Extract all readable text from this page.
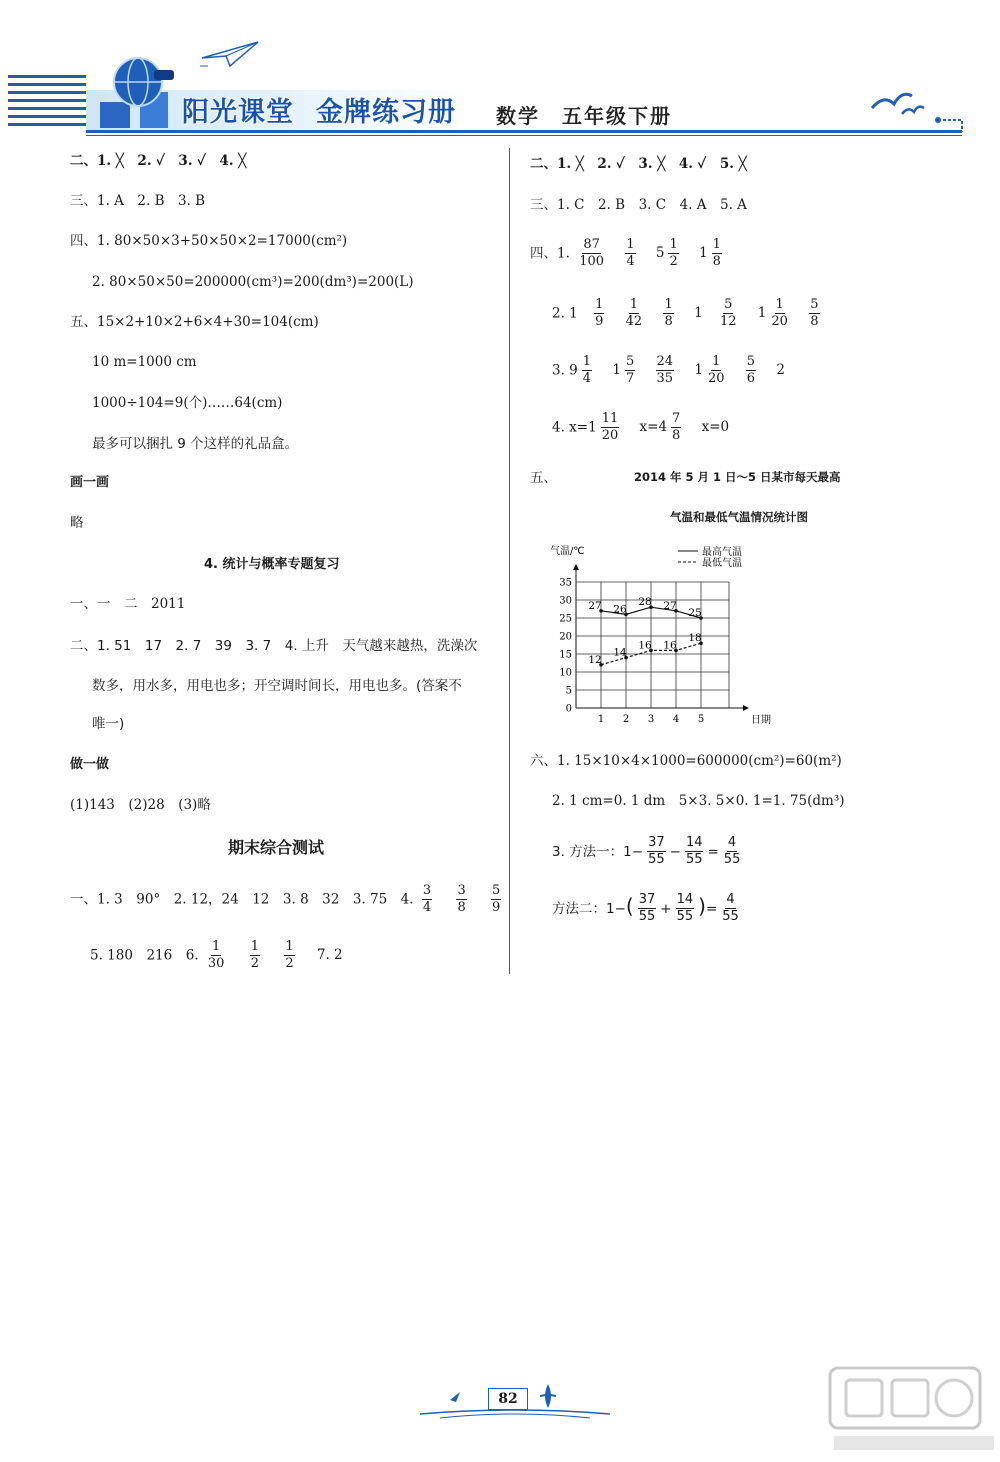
阳光课堂 金牌练习册	数学 五年级下册
二、1. ╳　2. ✓　3. ✓　4. ╳
三、1. A　2. B　3. B
四、1. 80×50×3+50×50×2=17000(cm²)
2. 80×50×50=200000(cm³)=200(dm³)=200(L)
五、15×2+10×2+6×4+30=104(cm)
10 m=1000 cm
1000÷104=9(个)……64(cm)
最多可以捆扎 9 个这样的礼品盒。
画一画
略
4. 统计与概率专题复习
一、一　二　2011
二、1. 51　17　2. 7　39　3. 7　4. 上升　天气越来越热，洗澡次
数多，用水多，用电也多；开空调时间长，用电也多。(答案不
唯一)
做一做
(1)143　(2)28　(3)略
期末综合测试
一、1. 3　90°　2. 12，24　12　3. 8　32　3. 75　4. $\frac{3}{4}$
$\frac{3}{8}$
$\frac{5}{9}$
5. 180　216　6. $\frac{1}{30}$
$\frac{1}{2}$
$\frac{1}{2} 7$. 2
二、1. ╳　2. ✓　3. ╳　4. ✓　5. ╳
三、1. C　2. B　3. C　4. A　5. A
四、1. $\frac{87}{100}$
$\frac{1}{4} 5 \frac{1}{2} 1 \frac{1}{8}$
2. $1 \frac{1}{9}$
$\frac{1}{42}$
$\frac{1}{8} 1 \frac{5}{12} 1 \frac{1}{20}$
$\frac{5}{8}$
3. $9 \frac{1}{4} 1 \frac{5}{7}$
$\frac{24}{35} 1 \frac{1}{20}$
$\frac{5}{6} 2$
4. $x=1 \frac{11}{20} x=4 \frac{7}{8} x=0$
五、	2014 年 5 月 1 日～5 日某市每天最高
气温和最低气温情况统计图
气温/℃
日期
0
5
10
15
20
25
30
35
1 2 3 4 5
27 26
28 27
25
12
14
16 16
18
最高气温
最低气温
六、1. 15×10×4×1000=600000(cm²)=60(m²)
2. 1 cm=0. 1 dm　5×3. 5×0. 1=1. 75(dm³)
3. 方法一：$1- \frac{37}{55} - \frac{14}{55} = \frac{4}{55}$
方法二：$1-( \frac{37}{55} + \frac{14}{55}$ )= $\frac{4}{55}$
82
